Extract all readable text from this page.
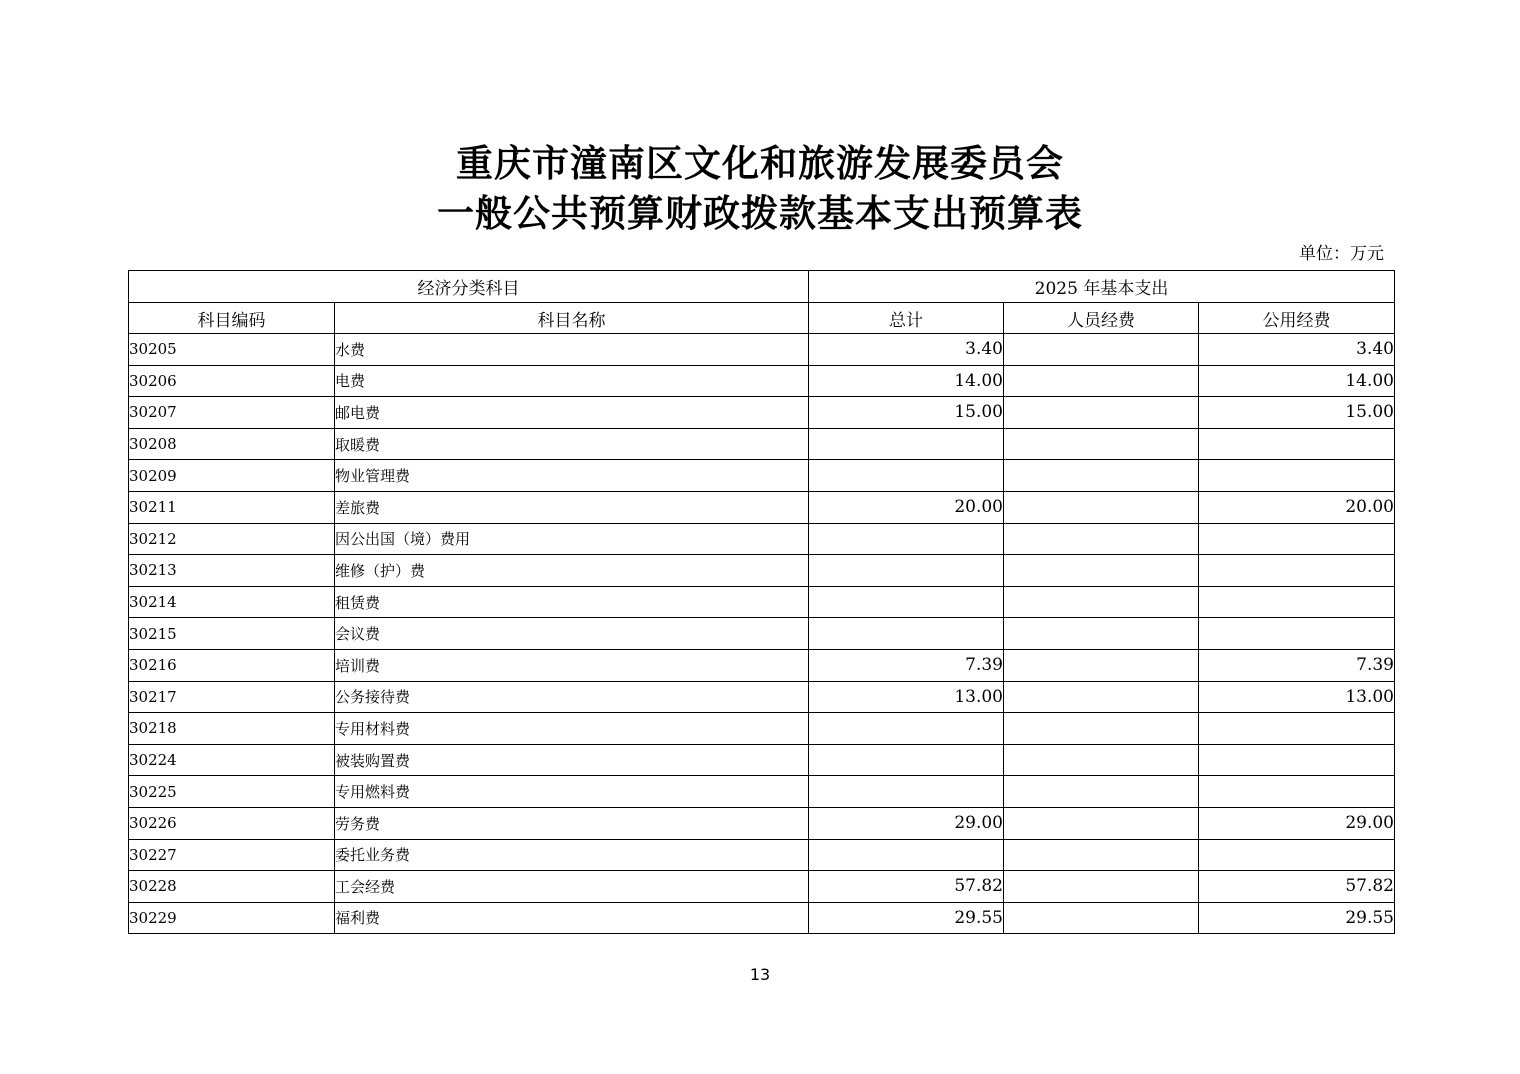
重庆市潼南区文化和旅游发展委员会
一般公共预算财政拨款基本支出预算表
单位：万元
经济分类科目		2025 年基本支出		
科目编码	科目名称	总计	人员经费	公用经费
30205	水费	3.40		3.40
30206	电费	14.00		14.00
30207	邮电费	15.00		15.00
30208	取暖费			
30209	物业管理费			
30211	差旅费	20.00		20.00
30212	因公出国（境）费用			
30213	维修（护）费			
30214	租赁费			
30215	会议费			
30216	培训费	7.39		7.39
30217	公务接待费	13.00		13.00
30218	专用材料费			
30224	被装购置费			
30225	专用燃料费			
30226	劳务费	29.00		29.00
30227	委托业务费			
30228	工会经费	57.82		57.82
30229	福利费	29.55		29.55
13
